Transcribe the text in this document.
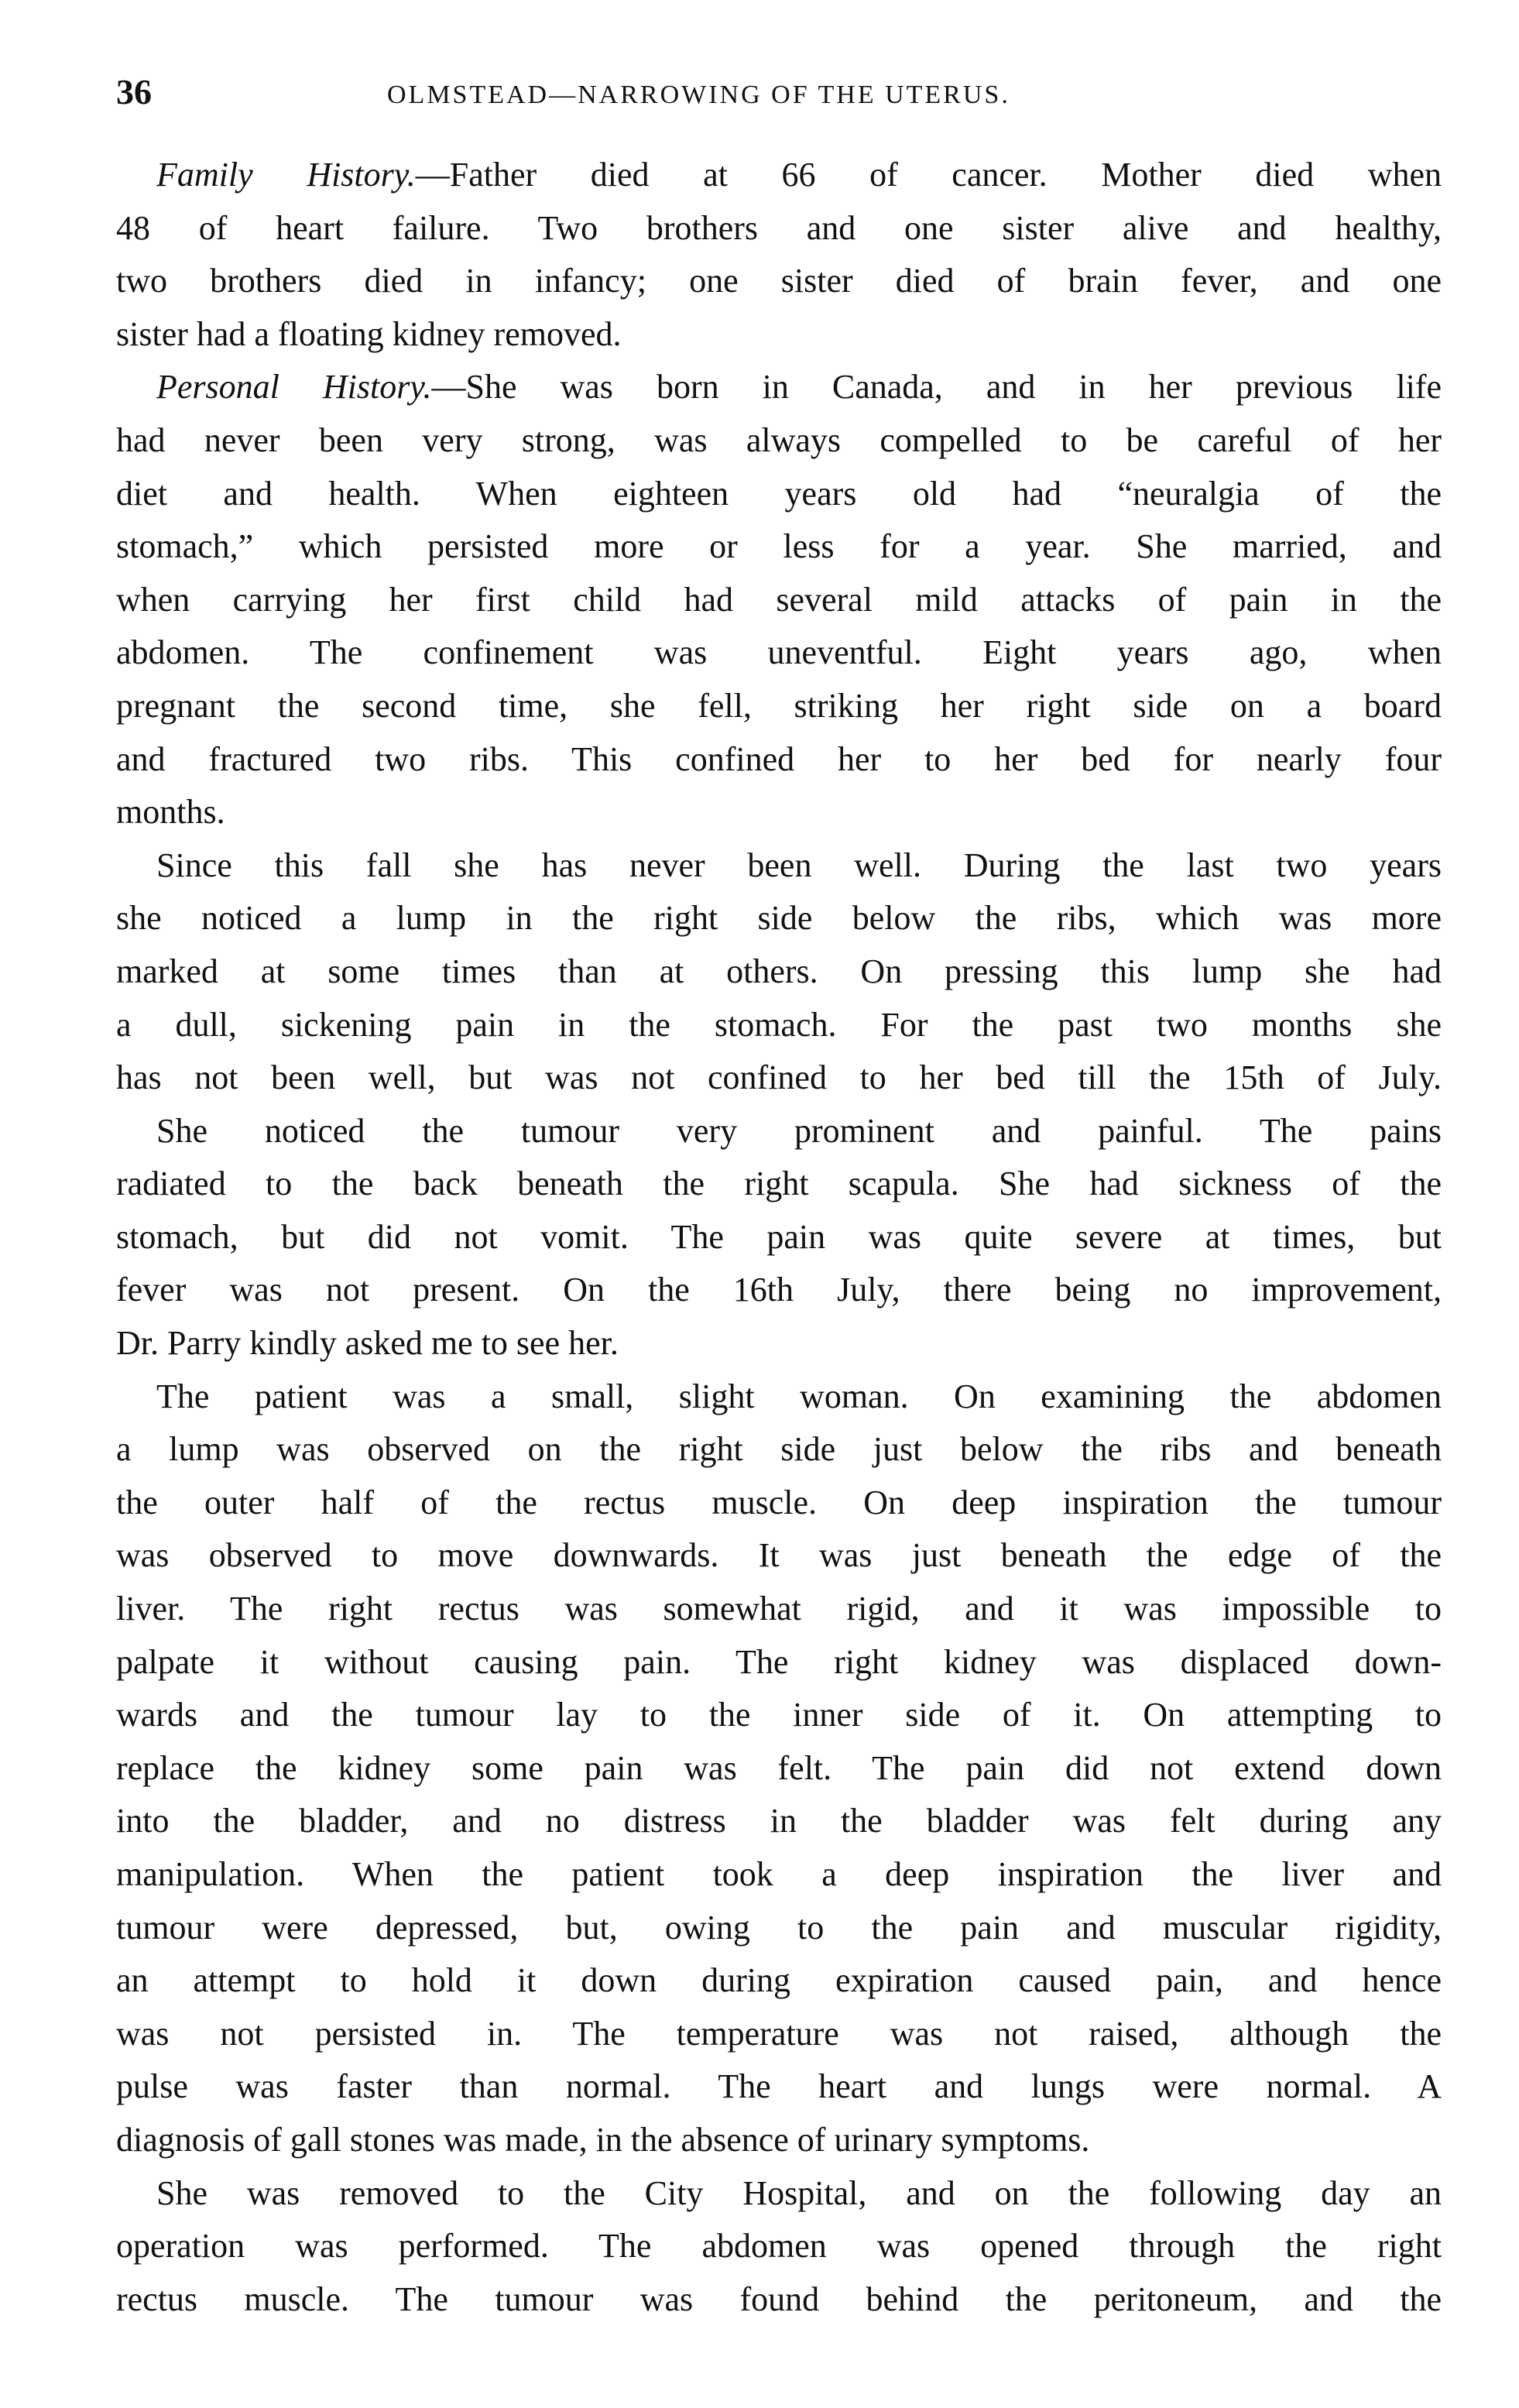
36	OLMSTEAD—NARROWING OF THE UTERUS.
Family History.—Father died at 66 of cancer. Mother died when
48 of heart failure. Two brothers and one sister alive and healthy,
two brothers died in infancy; one sister died of brain fever, and one
sister had a floating kidney removed.
Personal History.—She was born in Canada, and in her previous life
had never been very strong, was always compelled to be careful of her
diet and health. When eighteen years old had “neuralgia of the
stomach,” which persisted more or less for a year. She married, and
when carrying her first child had several mild attacks of pain in the
abdomen. The confinement was uneventful. Eight years ago, when
pregnant the second time, she fell, striking her right side on a board
and fractured two ribs. This confined her to her bed for nearly four
months.
Since this fall she has never been well. During the last two years
she noticed a lump in the right side below the ribs, which was more
marked at some times than at others. On pressing this lump she had
a dull, sickening pain in the stomach. For the past two months she
has not been well, but was not confined to her bed till the 15th of July.
She noticed the tumour very prominent and painful. The pains
radiated to the back beneath the right scapula. She had sickness of the
stomach, but did not vomit. The pain was quite severe at times, but
fever was not present. On the 16th July, there being no improvement,
Dr. Parry kindly asked me to see her.
The patient was a small, slight woman. On examining the abdomen
a lump was observed on the right side just below the ribs and beneath
the outer half of the rectus muscle. On deep inspiration the tumour
was observed to move downwards. It was just beneath the edge of the
liver. The right rectus was somewhat rigid, and it was impossible to
palpate it without causing pain. The right kidney was displaced down-
wards and the tumour lay to the inner side of it. On attempting to
replace the kidney some pain was felt. The pain did not extend down
into the bladder, and no distress in the bladder was felt during any
manipulation. When the patient took a deep inspiration the liver and
tumour were depressed, but, owing to the pain and muscular rigidity,
an attempt to hold it down during expiration caused pain, and hence
was not persisted in. The temperature was not raised, although the
pulse was faster than normal. The heart and lungs were normal. A
diagnosis of gall stones was made, in the absence of urinary symptoms.
She was removed to the City Hospital, and on the following day an
operation was performed. The abdomen was opened through the right
rectus muscle. The tumour was found behind the peritoneum, and the
